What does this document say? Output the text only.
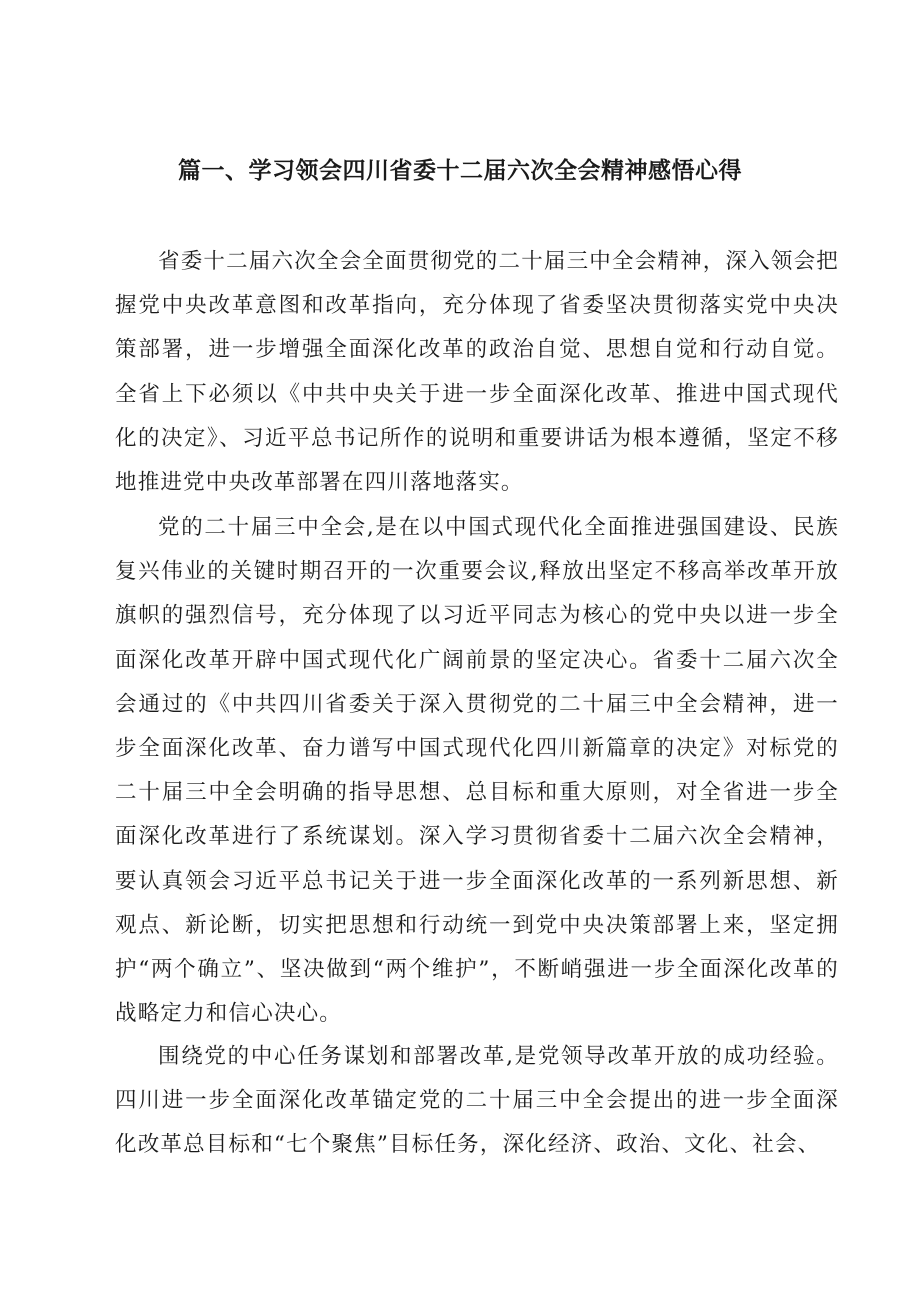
篇一、学习领会四川省委十二届六次全会精神感悟心得

省委十二届六次全会全面贯彻党的二十届三中全会精神，深入领会把握党中央改革意图和改革指向，充分体现了省委坚决贯彻落实党中央决策部署，进一步增强全面深化改革的政治自觉、思想自觉和行动自觉。全省上下必须以《中共中央关于进一步全面深化改革、推进中国式现代化的决定》、习近平总书记所作的说明和重要讲话为根本遵循，坚定不移地推进党中央改革部署在四川落地落实。

党的二十届三中全会,是在以中国式现代化全面推进强国建设、民族复兴伟业的关键时期召开的一次重要会议,释放出坚定不移高举改革开放旗帜的强烈信号，充分体现了以习近平同志为核心的党中央以进一步全面深化改革开辟中国式现代化广阔前景的坚定决心。省委十二届六次全会通过的《中共四川省委关于深入贯彻党的二十届三中全会精神，进一步全面深化改革、奋力谱写中国式现代化四川新篇章的决定》对标党的二十届三中全会明确的指导思想、总目标和重大原则，对全省进一步全面深化改革进行了系统谋划。深入学习贯彻省委十二届六次全会精神，要认真领会习近平总书记关于进一步全面深化改革的一系列新思想、新观点、新论断，切实把思想和行动统一到党中央决策部署上来，坚定拥护“两个确立”、坚决做到“两个维护”，不断峭强进一步全面深化改革的战略定力和信心决心。

围绕党的中心任务谋划和部署改革,是党领导改革开放的成功经验。四川进一步全面深化改革锚定党的二十届三中全会提出的进一步全面深化改革总目标和“七个聚焦”目标任务，深化经济、政治、文化、社会、
